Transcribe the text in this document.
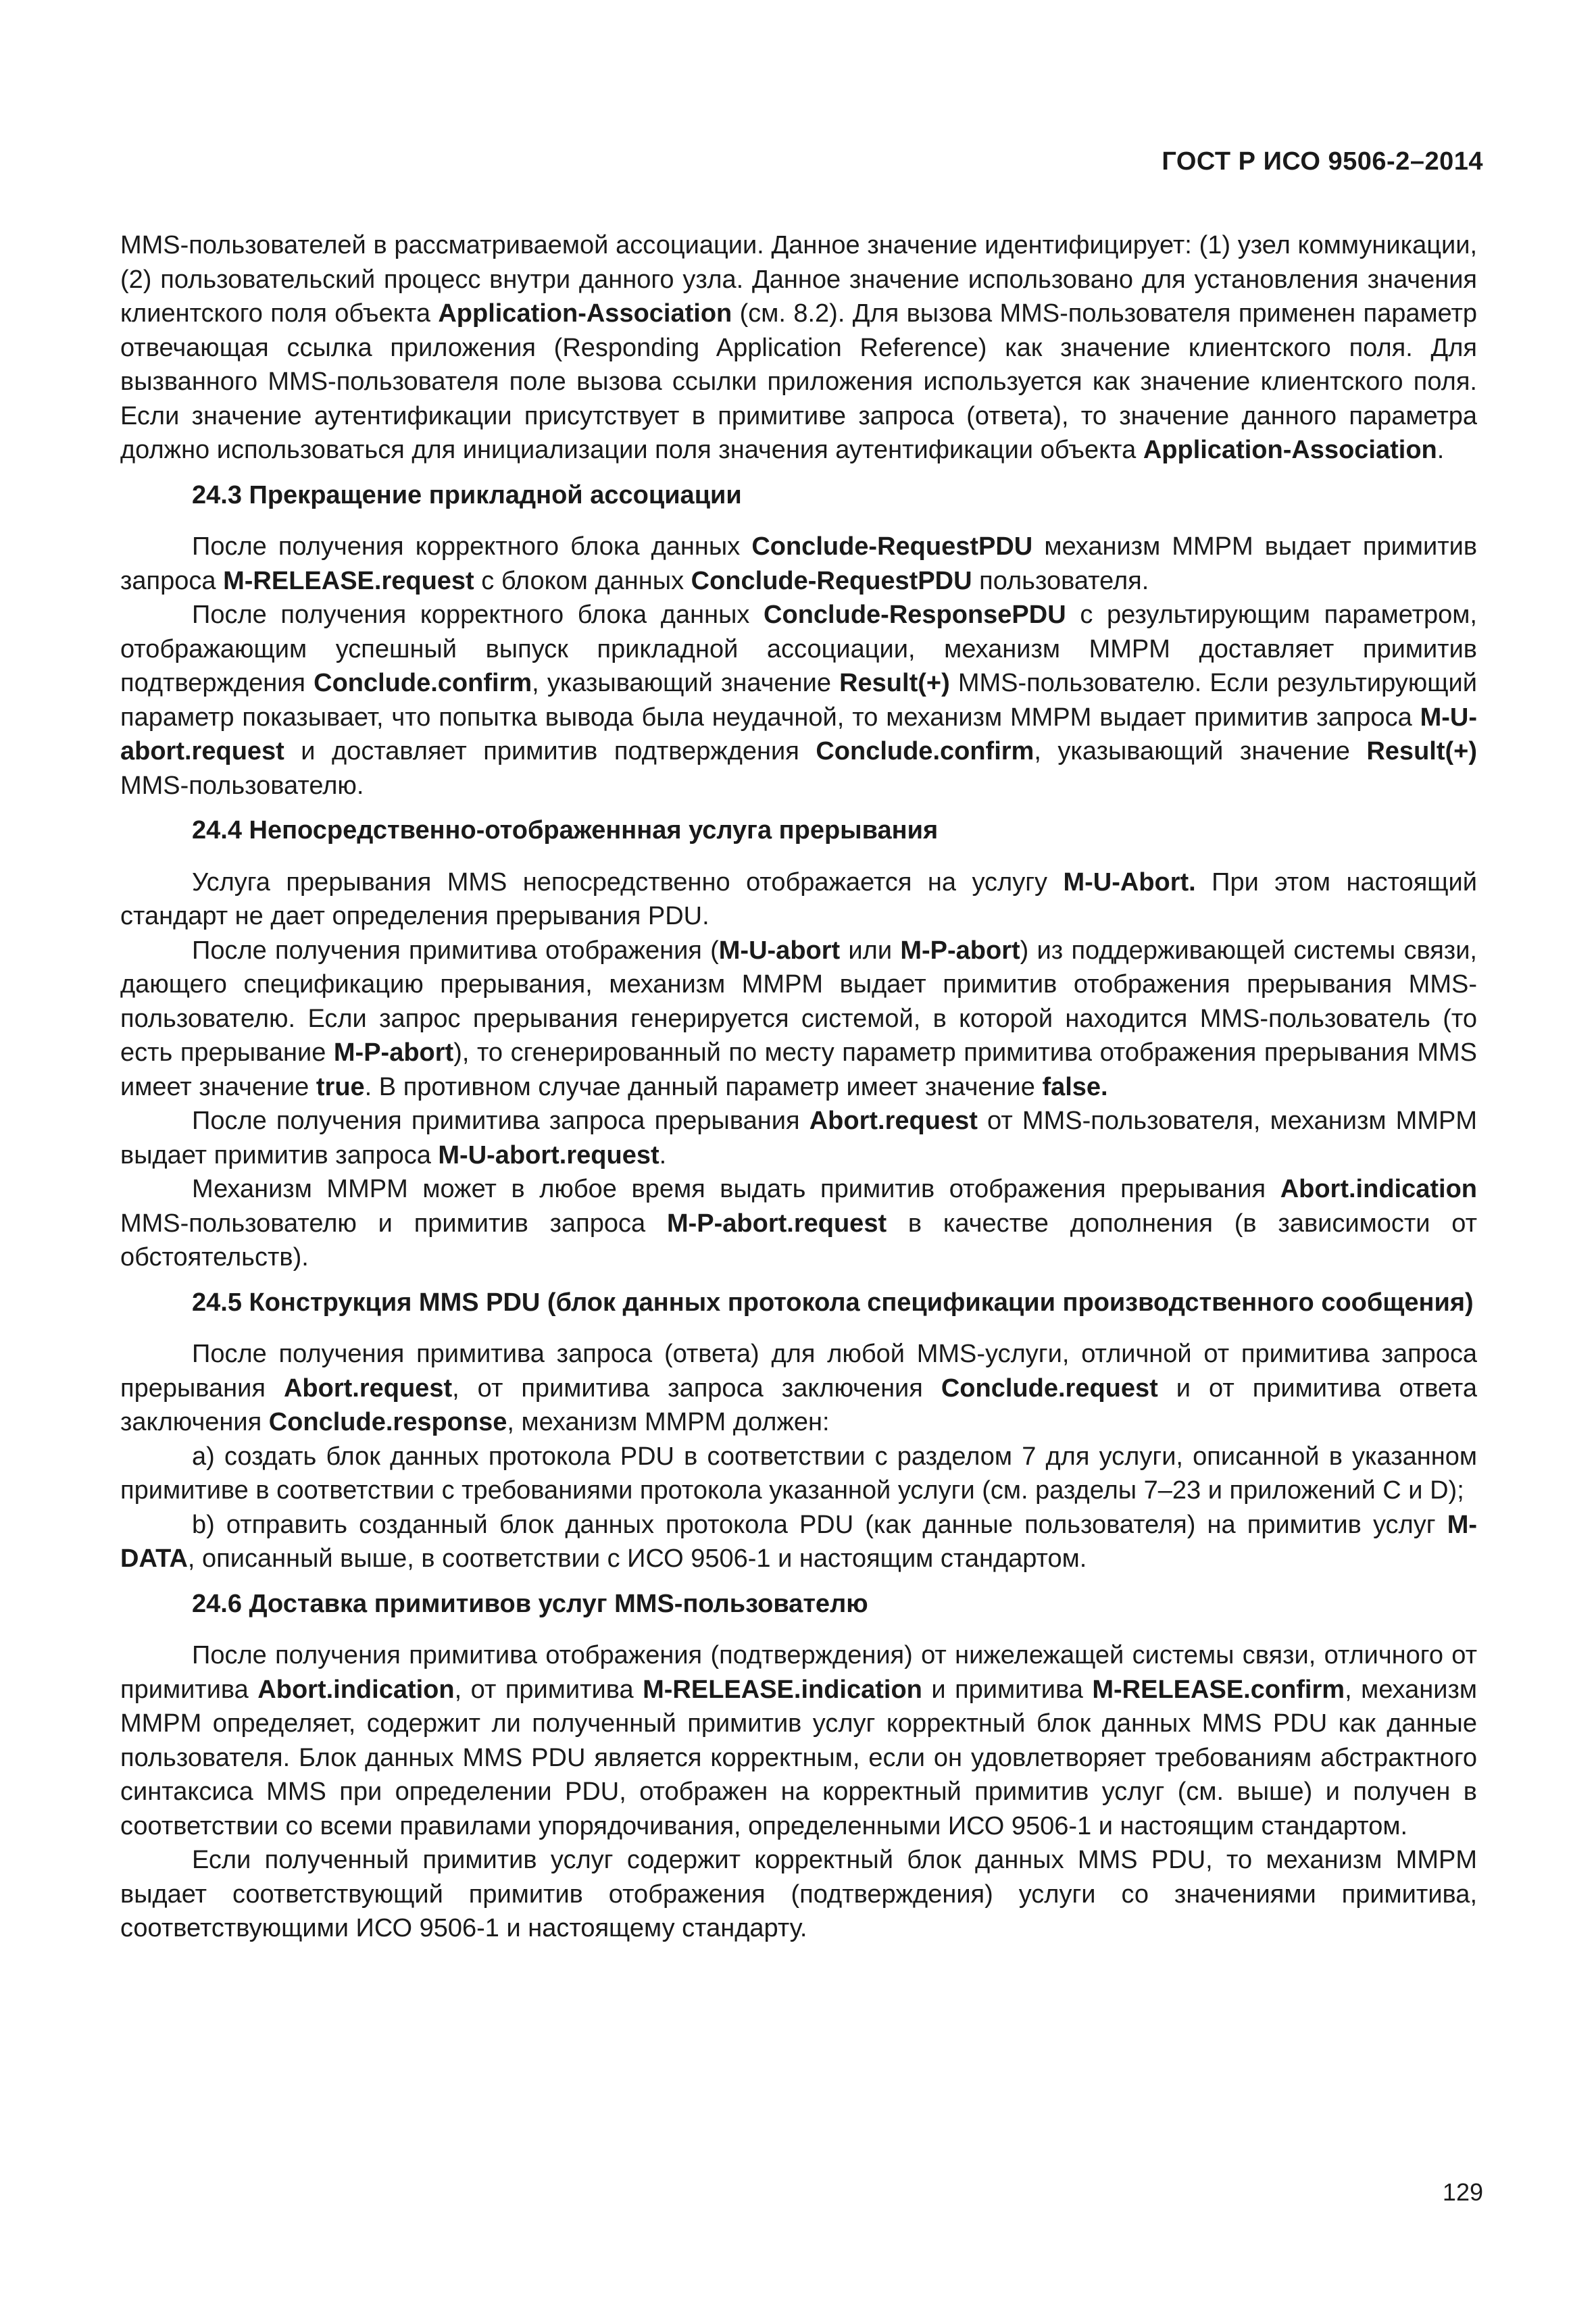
ГОСТ Р ИСО 9506-2–2014

MMS-пользователей в рассматриваемой ассоциации. Данное значение идентифицирует: (1) узел коммуникации, (2) пользовательский процесс внутри данного узла. Данное значение использовано для установления значения клиентского поля объекта Application-Association (см. 8.2). Для вызова MMS-пользователя применен параметр отвечающая ссылка приложения (Responding Application Reference) как значение клиентского поля. Для вызванного MMS-пользователя поле вызова ссылки приложения используется как значение клиентского поля. Если значение аутентификации присутствует в примитиве запроса (ответа), то значение данного параметра должно использоваться для инициализации поля значения аутентификации объекта Application-Association.

24.3 Прекращение прикладной ассоциации

После получения корректного блока данных Conclude-RequestPDU механизм MMPM выдает примитив запроса M-RELEASE.request с блоком данных Conclude-RequestPDU пользователя.

После получения корректного блока данных Conclude-ResponsePDU с результирующим параметром, отображающим успешный выпуск прикладной ассоциации, механизм MMPM доставляет примитив подтверждения Conclude.confirm, указывающий значение Result(+) MMS-пользователю. Если результирующий параметр показывает, что попытка вывода была неудачной, то механизм MMPM выдает примитив запроса M-U-abort.request и доставляет примитив подтверждения Conclude.confirm, указывающий значение Result(+) MMS-пользователю.

24.4 Непосредственно-отображеннная услуга прерывания

Услуга прерывания MMS непосредственно отображается на услугу M-U-Abort. При этом настоящий стандарт не дает определения прерывания PDU.

После получения примитива отображения (M-U-abort или M-P-abort) из поддерживающей системы связи, дающего спецификацию прерывания, механизм MMPM выдает примитив отображения прерывания MMS-пользователю. Если запрос прерывания генерируется системой, в которой находится MMS-пользователь (то есть прерывание M-P-abort), то сгенерированный по месту параметр примитива отображения прерывания MMS имеет значение true. В противном случае данный параметр имеет значение false.

После получения примитива запроса прерывания Abort.request от MMS-пользователя, механизм MMPM выдает примитив запроса M-U-abort.request.

Механизм MMPM может в любое время выдать примитив отображения прерывания Abort.indication MMS-пользователю и примитив запроса M-P-abort.request в качестве дополнения (в зависимости от обстоятельств).

24.5 Конструкция MMS PDU (блок данных протокола спецификации производственного сообщения)

После получения примитива запроса (ответа) для любой MMS-услуги, отличной от примитива запроса прерывания Abort.request, от примитива запроса заключения Conclude.request и от примитива ответа заключения Conclude.response, механизм MMPM должен:

a) создать блок данных протокола PDU в соответствии с разделом 7 для услуги, описанной в указанном примитиве в соответствии с требованиями протокола указанной услуги (см. разделы 7–23 и приложений C и D);

b) отправить созданный блок данных протокола PDU (как данные пользователя) на примитив услуг M-DATA, описанный выше, в соответствии с ИСО 9506-1 и настоящим стандартом.

24.6 Доставка примитивов услуг MMS-пользователю

После получения примитива отображения (подтверждения) от нижележащей системы связи, отличного от примитива Abort.indication, от примитива M-RELEASE.indication и примитива M-RELEASE.confirm, механизм MMPM определяет, содержит ли полученный примитив услуг корректный блок данных MMS PDU как данные пользователя. Блок данных MMS PDU является корректным, если он удовлетворяет требованиям абстрактного синтаксиса MMS при определении PDU, отображен на корректный примитив услуг (см. выше) и получен в соответствии со всеми правилами упорядочивания, определенными ИСО 9506-1 и настоящим стандартом.

Если полученный примитив услуг содержит корректный блок данных MMS PDU, то механизм MMPM выдает соответствующий примитив отображения (подтверждения) услуги со значениями примитива, соответствующими ИСО 9506-1 и настоящему стандарту.

129
